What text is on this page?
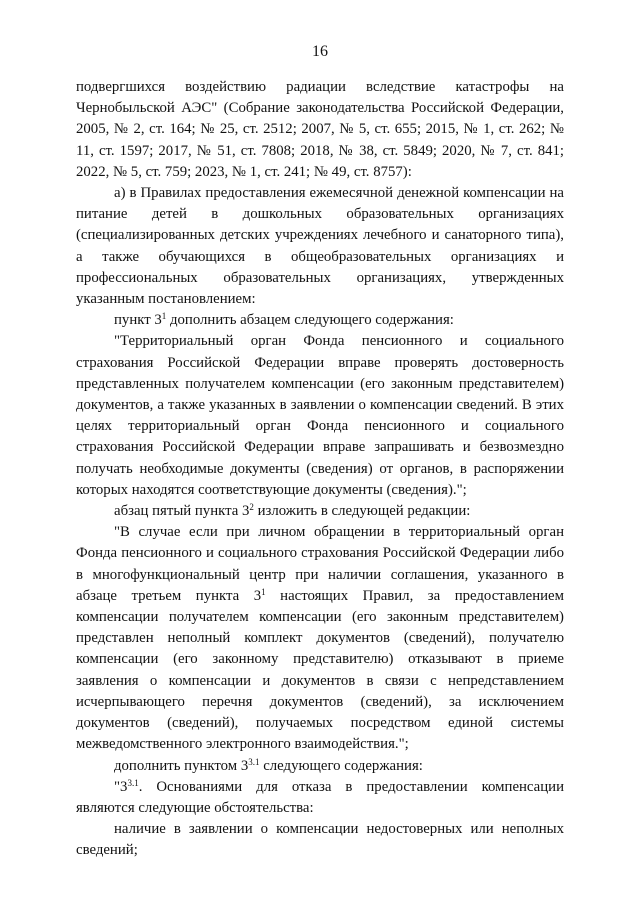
16

подвергшихся воздействию радиации вследствие катастрофы на Чернобыльской АЭС" (Собрание законодательства Российской Федерации, 2005, № 2, ст. 164; № 25, ст. 2512; 2007, № 5, ст. 655; 2015, № 1, ст. 262; № 11, ст. 1597; 2017, № 51, ст. 7808; 2018, № 38, ст. 5849; 2020, № 7, ст. 841; 2022, № 5, ст. 759; 2023, № 1, ст. 241; № 49, ст. 8757):

а) в Правилах предоставления ежемесячной денежной компенсации на питание детей в дошкольных образовательных организациях (специализированных детских учреждениях лечебного и санаторного типа), а также обучающихся в общеобразовательных организациях и профессиональных образовательных организациях, утвержденных указанным постановлением:

пункт $3^1$ дополнить абзацем следующего содержания:

"Территориальный орган Фонда пенсионного и социального страхования Российской Федерации вправе проверять достоверность представленных получателем компенсации (его законным представителем) документов, а также указанных в заявлении о компенсации сведений. В этих целях территориальный орган Фонда пенсионного и социального страхования Российской Федерации вправе запрашивать и безвозмездно получать необходимые документы (сведения) от органов, в распоряжении которых находятся соответствующие документы (сведения).";

абзац пятый пункта $3^2$ изложить в следующей редакции:

"В случае если при личном обращении в территориальный орган Фонда пенсионного и социального страхования Российской Федерации либо в многофункциональный центр при наличии соглашения, указанного в абзаце третьем пункта $3^1$ настоящих Правил, за предоставлением компенсации получателем компенсации (его законным представителем) представлен неполный комплект документов (сведений), получателю компенсации (его законному представителю) отказывают в приеме заявления о компенсации и документов в связи с непредставлением исчерпывающего перечня документов (сведений), за исключением документов (сведений), получаемых посредством единой системы межведомственного электронного взаимодействия.";

дополнить пунктом $3^{3.1}$ следующего содержания:

"$3^{3.1}$. Основаниями для отказа в предоставлении компенсации являются следующие обстоятельства:

наличие в заявлении о компенсации недостоверных или неполных сведений;
